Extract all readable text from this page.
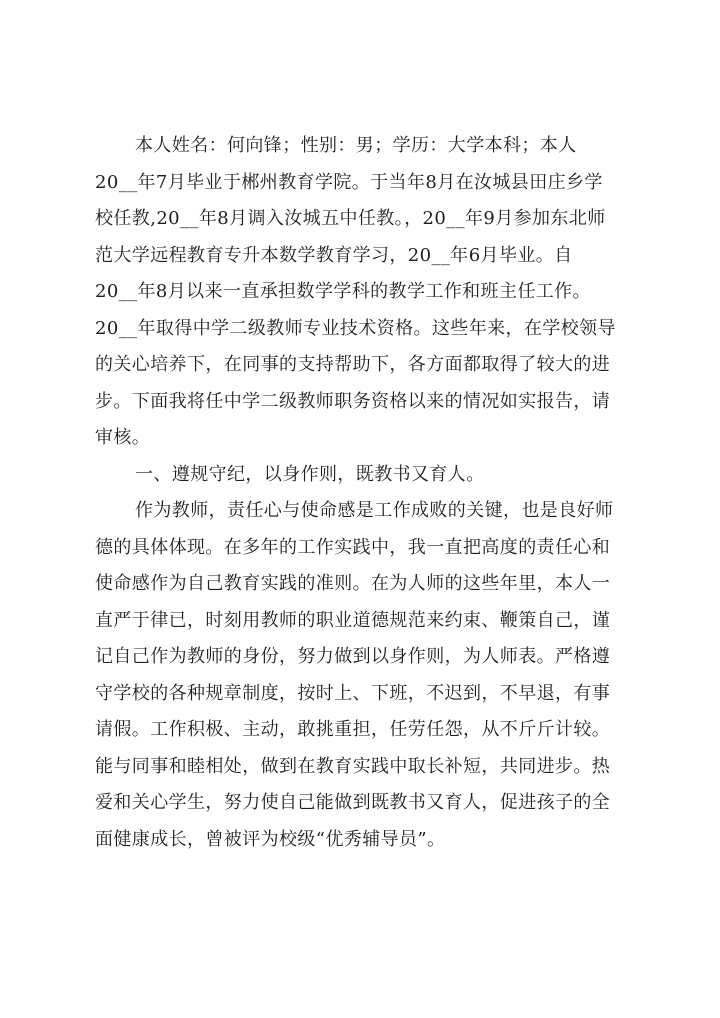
本人姓名：何向锋；性别：男；学历：大学本科；本人
20__年7月毕业于郴州教育学院。于当年8月在汝城县田庄乡学
校任教,20__年8月调入汝城五中任教。，20__年9月参加东北师
范大学远程教育专升本数学教育学习，20__年6月毕业。自
20__年8月以来一直承担数学学科的教学工作和班主任工作。
20__年取得中学二级教师专业技术资格。这些年来，在学校领导
的关心培养下，在同事的支持帮助下，各方面都取得了较大的进
步。下面我将任中学二级教师职务资格以来的情况如实报告，请
审核。
一、遵规守纪，以身作则，既教书又育人。
作为教师，责任心与使命感是工作成败的关键，也是良好师
德的具体体现。在多年的工作实践中，我一直把高度的责任心和
使命感作为自己教育实践的准则。在为人师的这些年里，本人一
直严于律已，时刻用教师的职业道德规范来约束、鞭策自己，谨
记自己作为教师的身份，努力做到以身作则，为人师表。严格遵
守学校的各种规章制度，按时上、下班，不迟到，不早退，有事
请假。工作积极、主动，敢挑重担，任劳任怨，从不斤斤计较。
能与同事和睦相处，做到在教育实践中取长补短，共同进步。热
爱和关心学生，努力使自己能做到既教书又育人，促进孩子的全
面健康成长，曾被评为校级“优秀辅导员”。
